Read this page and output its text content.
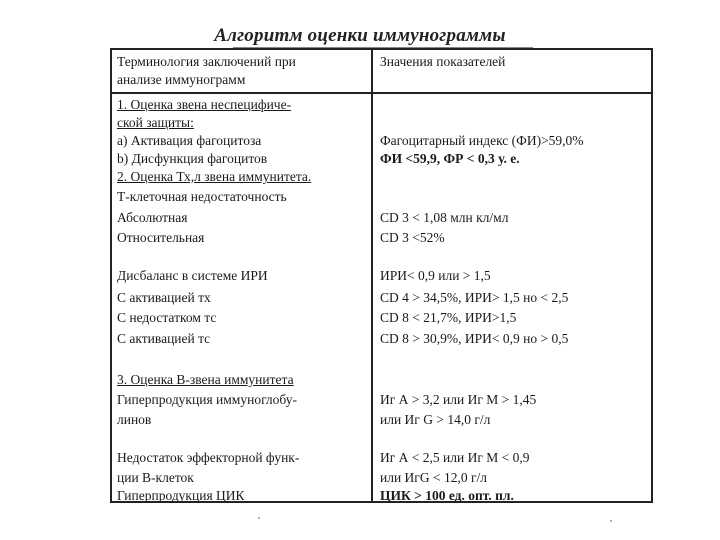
Алгоритм оценки иммунограммы
Терминология заключений при
анализе иммунограмм
Значения показателей
1. Оценка звена неспецифиче-
ской защиты:
а) Активация фагоцитоза	Фагоцитарный индекс (ФИ)>59,0%
b) Дисфункция фагоцитов	ФИ <59,9, ФР < 0,3 у. е.
2. Оценка Тх,л звена иммунитета.
Т-клеточная недостаточность
Абсолютная	CD 3 < 1,08 млн кл/мл
Относительная	CD 3 <52%
Дисбаланс в системе ИРИ	ИРИ< 0,9 или > 1,5
С активацией тх	CD 4 > 34,5%, ИРИ> 1,5 но < 2,5
С недостатком тс	CD 8 < 21,7%, ИРИ>1,5
С активацией тс	CD 8 > 30,9%, ИРИ< 0,9 но > 0,5
3. Оценка В-звена иммунитета
Гиперпродукция иммуноглобу-	Иг А > 3,2 или Иг М > 1,45
линов	или Иг G > 14,0 г/л
Недостаток эффекторной функ-	Иг А < 2,5 или Иг М < 0,9
ции В-клеток	или ИгG < 12,0 г/л
Гиперпродукция ЦИК	ЦИК > 100 ед. опт. пл.
